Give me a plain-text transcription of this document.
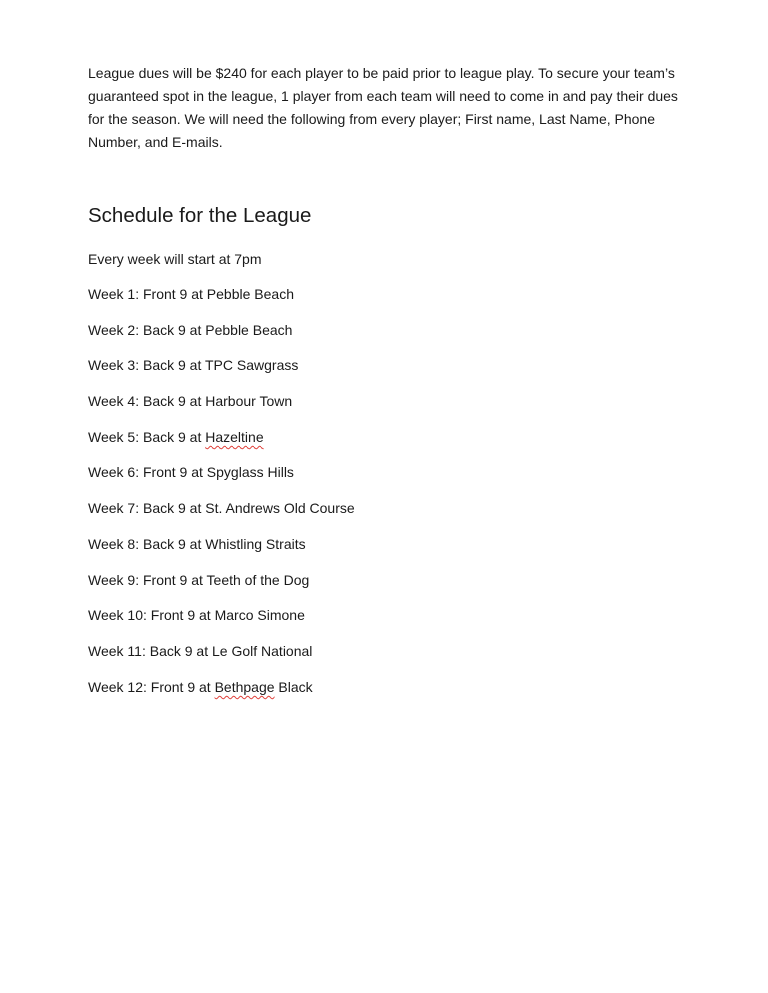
League dues will be $240 for each player to be paid prior to league play. To secure your team’s guaranteed spot in the league, 1 player from each team will need to come in and pay their dues for the season. We will need the following from every player; First name, Last Name, Phone Number, and E-mails.

Schedule for the League

Every week will start at 7pm

Week 1: Front 9 at Pebble Beach

Week 2: Back 9 at Pebble Beach

Week 3: Back 9 at TPC Sawgrass

Week 4: Back 9 at Harbour Town

Week 5: Back 9 at Hazeltine

Week 6: Front 9 at Spyglass Hills

Week 7: Back 9 at St. Andrews Old Course

Week 8: Back 9 at Whistling Straits

Week 9: Front 9 at Teeth of the Dog

Week 10: Front 9 at Marco Simone

Week 11: Back 9 at Le Golf National

Week 12: Front 9 at Bethpage Black
